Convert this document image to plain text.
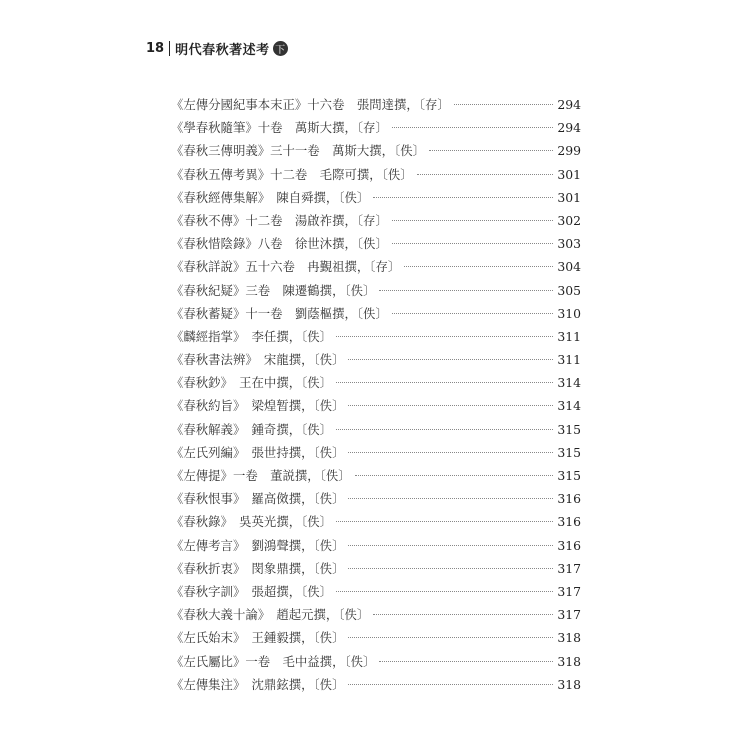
18 明代春秋著述考 下
《左傳分國紀事本末正》十六卷　張問達撰，〔存〕	294
《學春秋隨筆》十卷　萬斯大撰，〔存〕	294
《春秋三傳明義》三十一卷　萬斯大撰，〔佚〕	299
《春秋五傳考異》十二卷　毛際可撰，〔佚〕	301
《春秋經傳集解》　陳自舜撰，〔佚〕	301
《春秋不傳》十二卷　湯啟祚撰，〔存〕	302
《春秋惜陰錄》八卷　徐世沐撰，〔佚〕	303
《春秋詳說》五十六卷　冉覲祖撰，〔存〕	304
《春秋紀疑》三卷　陳遷鶴撰，〔佚〕	305
《春秋蓄疑》十一卷　劉蔭樞撰，〔佚〕	310
《麟經指掌》　李任撰，〔佚〕	311
《春秋書法辨》　宋龍撰，〔佚〕	311
《春秋鈔》　王在中撰，〔佚〕	314
《春秋約旨》　梁煌暂撰，〔佚〕	314
《春秋解義》　鍾奇撰，〔佚〕	315
《左氏列編》　張世持撰，〔佚〕	315
《左傳提》一卷　董説撰，〔佚〕	315
《春秋恨事》　羅高傚撰，〔佚〕	316
《春秋錄》　吳英光撰，〔佚〕	316
《左傳考言》　劉鴻聲撰，〔佚〕	316
《春秋折衷》　閔象鼎撰，〔佚〕	317
《春秋字訓》　張超撰，〔佚〕	317
《春秋大義十論》　趙起元撰，〔佚〕	317
《左氏始末》　王鍾毅撰，〔佚〕	318
《左氏屬比》一卷　毛中益撰，〔佚〕	318
《左傳集注》　沈鼎鉉撰，〔佚〕	318
